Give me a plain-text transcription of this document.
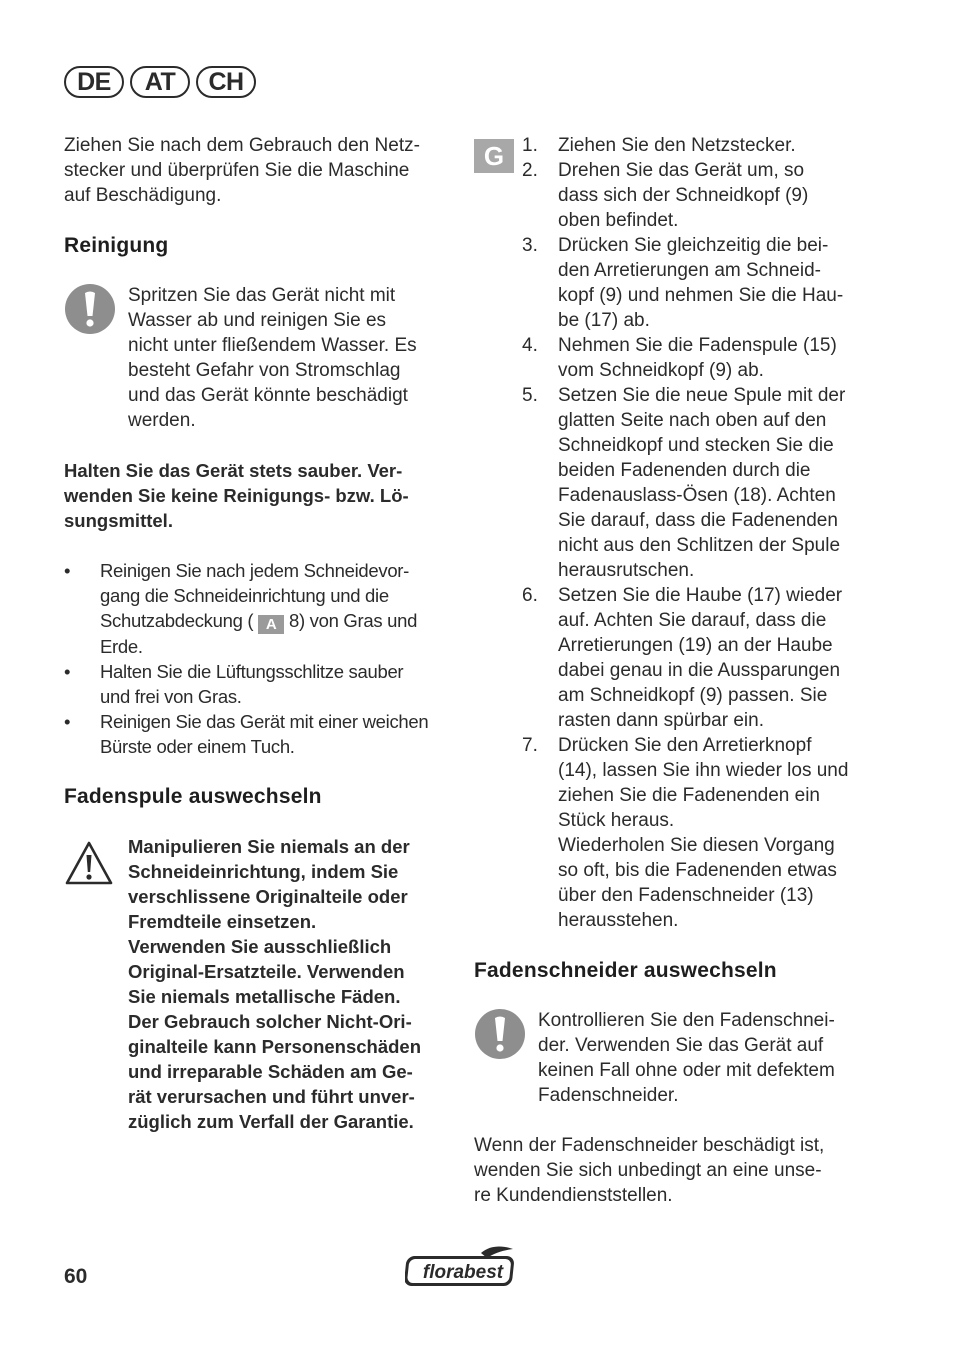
DE	AT	CH

Ziehen Sie nach dem Gebrauch den Netz-
stecker und überprüfen Sie die Maschine
auf Beschädigung.

Reinigung

Spritzen Sie das Gerät nicht mit
Wasser ab und reinigen Sie es
nicht unter fließendem Wasser. Es
besteht Gefahr von Stromschlag
und das Gerät könnte beschädigt
werden.

Halten Sie das Gerät stets sauber. Ver-
wenden Sie keine Reinigungs- bzw. Lö-
sungsmittel.

• Reinigen Sie nach jedem Schneidevor-
gang die Schneideinrichtung und die
Schutzabdeckung ( A 8) von Gras und
Erde.
• Halten Sie die Lüftungsschlitze sauber
und frei von Gras.
• Reinigen Sie das Gerät mit einer weichen
Bürste oder einem Tuch.

Fadenspule auswechseln

Manipulieren Sie niemals an der
Schneideinrichtung, indem Sie
verschlissene Originalteile oder
Fremdteile einsetzen.
Verwenden Sie ausschließlich
Original-Ersatzteile. Verwenden
Sie niemals metallische Fäden.
Der Gebrauch solcher Nicht-Ori-
ginalteile kann Personenschäden
und irreparable Schäden am Ge-
rät verursachen und führt unver-
züglich zum Verfall der Garantie.

G 1. Ziehen Sie den Netzstecker.
2. Drehen Sie das Gerät um, so
dass sich der Schneidkopf (9)
oben befindet.
3. Drücken Sie gleichzeitig die bei-
den Arretierungen am Schneid-
kopf (9) und nehmen Sie die Hau-
be (17) ab.
4. Nehmen Sie die Fadenspule (15)
vom Schneidkopf (9) ab.
5. Setzen Sie die neue Spule mit der
glatten Seite nach oben auf den
Schneidkopf und stecken Sie die
beiden Fadenenden durch die
Fadenauslass-Ösen (18). Achten
Sie darauf, dass die Fadenenden
nicht aus den Schlitzen der Spule
herausrutschen.
6. Setzen Sie die Haube (17) wieder
auf. Achten Sie darauf, dass die
Arretierungen (19) an der Haube
dabei genau in die Aussparungen
am Schneidkopf (9) passen. Sie
rasten dann spürbar ein.
7. Drücken Sie den Arretierknopf
(14), lassen Sie ihn wieder los und
ziehen Sie die Fadenenden ein
Stück heraus.
Wiederholen Sie diesen Vorgang
so oft, bis die Fadenenden etwas
über den Fadenschneider (13)
herausstehen.

Fadenschneider auswechseln

Kontrollieren Sie den Fadenschnei-
der. Verwenden Sie das Gerät auf
keinen Fall ohne oder mit defektem
Fadenschneider.

Wenn der Fadenschneider beschädigt ist,
wenden Sie sich unbedingt an eine unse-
re Kundendienststellen.

60	florabest
